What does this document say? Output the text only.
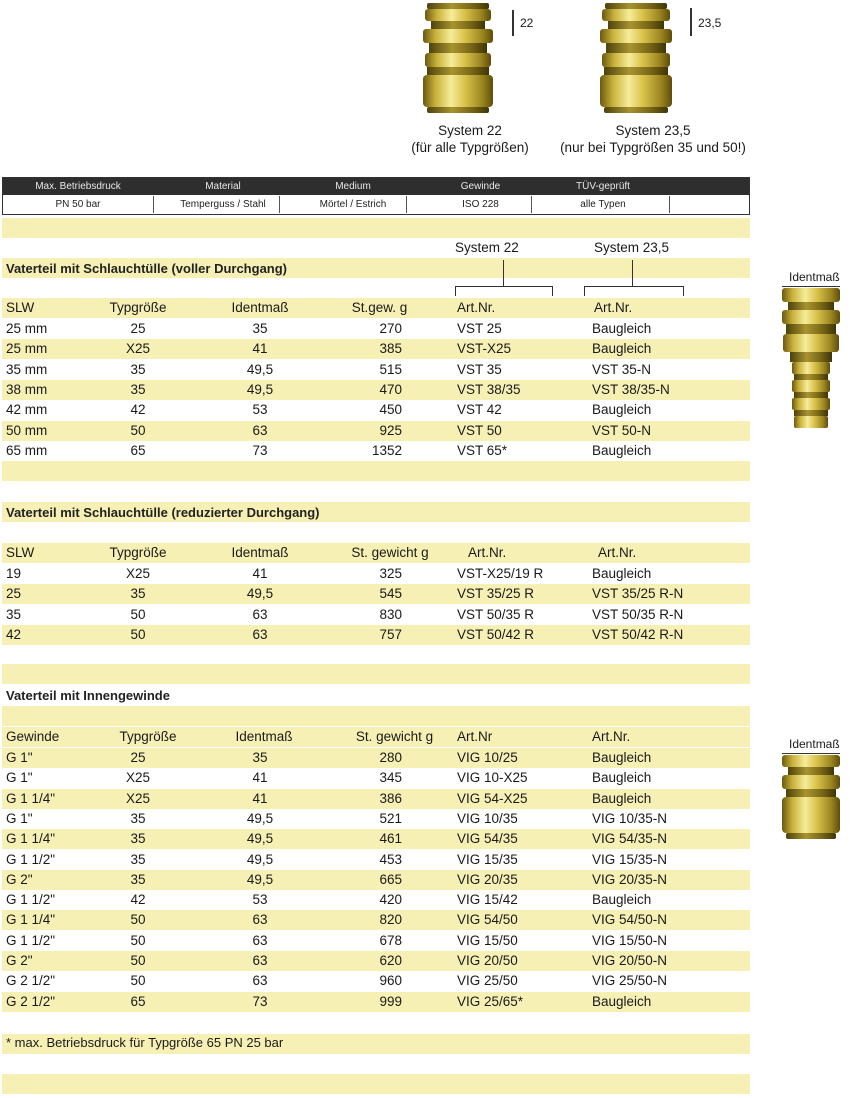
22	23,5
System 22
(für alle Typgrößen)
System 23,5
(nur bei Typgrößen 35 und 50!)
Max. Betriebsdruck	Material	Medium	Gewinde	TÜV-geprüft
PN 50 bar	Temperguss / Stahl	Mörtel / Estrich	ISO 228	alle Typen
System 22	System 23,5
Vaterteil mit Schlauchtülle (voller Durchgang)
SLW	Typgröße	Identmaß	St.gew. g	Art.Nr.	Art.Nr.
25 mm	25	35	270	VST 25	Baugleich
25 mm	X25	41	385	VST-X25	Baugleich
35 mm	35	49,5	515	VST 35	VST 35-N
38 mm	35	49,5	470	VST 38/35	VST 38/35-N
42 mm	42	53	450	VST 42	Baugleich
50 mm	50	63	925	VST 50	VST 50-N
65 mm	65	73	1352	VST 65*	Baugleich
Vaterteil mit Schlauchtülle (reduzierter Durchgang)
SLW	Typgröße	Identmaß	St. gewicht g	Art.Nr.	Art.Nr.
19	X25	41	325	VST-X25/19 R	Baugleich
25	35	49,5	545	VST 35/25 R	VST 35/25 R-N
35	50	63	830	VST 50/35 R	VST 50/35 R-N
42	50	63	757	VST 50/42 R	VST 50/42 R-N
Vaterteil mit Innengewinde
Gewinde	Typgröße	Identmaß	St. gewicht g	Art.Nr	Art.Nr.
G 1"	25	35	280	VIG 10/25	Baugleich
G 1"	X25	41	345	VIG 10-X25	Baugleich
G 1 1/4"	X25	41	386	VIG 54-X25	Baugleich
G 1"	35	49,5	521	VIG 10/35	VIG 10/35-N
G 1 1/4"	35	49,5	461	VIG 54/35	VIG 54/35-N
G 1 1/2"	35	49,5	453	VIG 15/35	VIG 15/35-N
G 2"	35	49,5	665	VIG 20/35	VIG 20/35-N
G 1 1/2"	42	53	420	VIG 15/42	Baugleich
G 1 1/4"	50	63	820	VIG 54/50	VIG 54/50-N
G 1 1/2"	50	63	678	VIG 15/50	VIG 15/50-N
G 2"	50	63	620	VIG 20/50	VIG 20/50-N
G 2 1/2"	50	63	960	VIG 25/50	VIG 25/50-N
G 2 1/2"	65	73	999	VIG 25/65*	Baugleich
* max. Betriebsdruck für Typgröße 65 PN 25 bar
Identmaß
Identmaß
